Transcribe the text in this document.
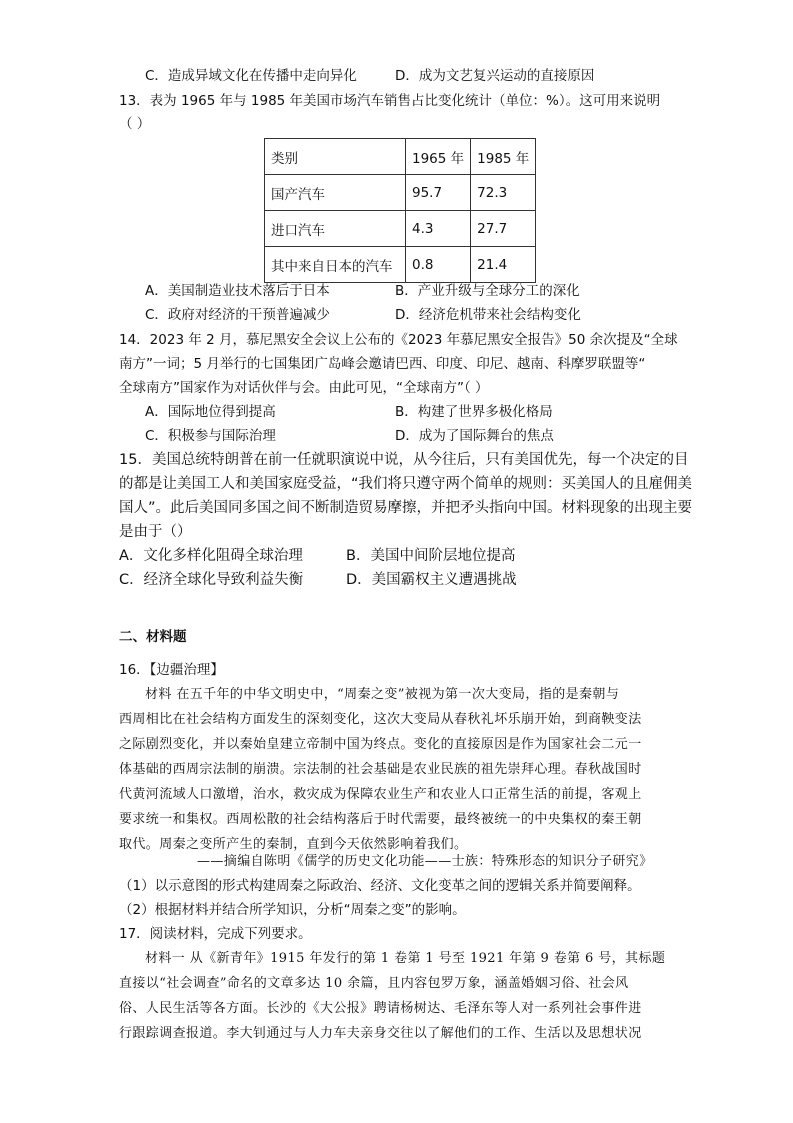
C．造成异域文化在传播中走向异化	D．成为文艺复兴运动的直接原因
13．表为 1965 年与 1985 年美国市场汽车销售占比变化统计（单位：%）。这可用来说明
（ ）
类别	1965 年	1985 年
国产汽车	95.7	72.3
进口汽车	4.3	27.7
其中来自日本的汽车	0.8	21.4
A．美国制造业技术落后于日本	B．产业升级与全球分工的深化
C．政府对经济的干预普遍减少	D．经济危机带来社会结构变化
14．2023 年 2 月，慕尼黑安全会议上公布的《2023 年慕尼黑安全报告》50 余次提及“全球
南方”一词；5 月举行的七国集团广岛峰会邀请巴西、印度、印尼、越南、科摩罗联盟等“
全球南方”国家作为对话伙伴与会。由此可见，“全球南方”（ ）
A．国际地位得到提高	B．构建了世界多极化格局
C．积极参与国际治理	D．成为了国际舞台的焦点
15．美国总统特朗普在前一任就职演说中说，从今往后，只有美国优先，每一个决定的目
的都是让美国工人和美国家庭受益，“我们将只遵守两个简单的规则：买美国人的且雇佣美
国人”。此后美国同多国之间不断制造贸易摩擦，并把矛头指向中国。材料现象的出现主要
是由于（）
A．文化多样化阻碍全球治理	B．美国中间阶层地位提高
C．经济全球化导致利益失衡	D．美国霸权主义遭遇挑战
二、材料题
16．【边疆治理】
材料 在五千年的中华文明史中，“周秦之变”被视为第一次大变局，指的是秦朝与
西周相比在社会结构方面发生的深刻变化，这次大变局从春秋礼坏乐崩开始，到商鞅变法
之际剧烈变化，并以秦始皇建立帝制中国为终点。变化的直接原因是作为国家社会二元一
体基础的西周宗法制的崩溃。宗法制的社会基础是农业民族的祖先崇拜心理。春秋战国时
代黄河流域人口激增，治水，救灾成为保障农业生产和农业人口正常生活的前提，客观上
要求统一和集权。西周松散的社会结构落后于时代需要，最终被统一的中央集权的秦王朝
取代。周秦之变所产生的秦制，直到今天依然影响着我们。
——摘编自陈明《儒学的历史文化功能——士族：特殊形态的知识分子研究》
（1）以示意图的形式构建周秦之际政治、经济、文化变革之间的逻辑关系并简要阐释。
（2）根据材料并结合所学知识，分析“周秦之变”的影响。
17．阅读材料，完成下列要求。
材料一 从《新青年》1915 年发行的第 1 卷第 1 号至 1921 年第 9 卷第 6 号，其标题
直接以“社会调查”命名的文章多达 10 余篇，且内容包罗万象，涵盖婚姻习俗、社会风
俗、人民生活等各方面。长沙的《大公报》聘请杨树达、毛泽东等人对一系列社会事件进
行跟踪调查报道。李大钊通过与人力车夫亲身交往以了解他们的工作、生活以及思想状况
